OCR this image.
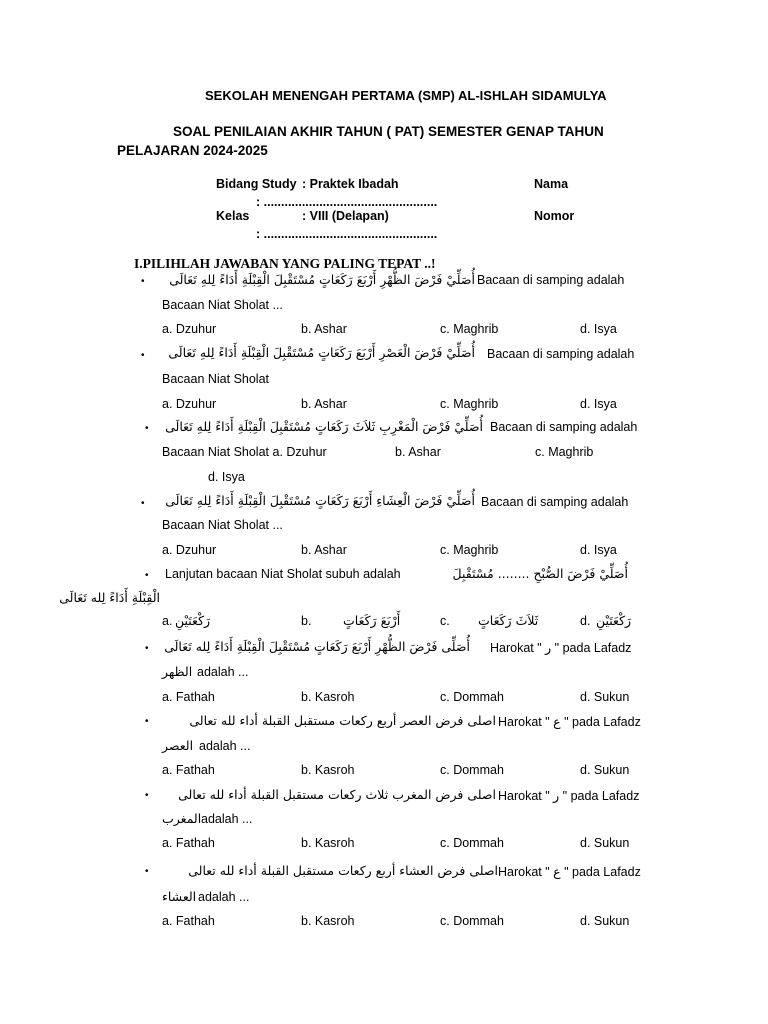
SEKOLAH MENENGAH PERTAMA (SMP) AL-ISHLAH SIDAMULYA
SOAL PENILAIAN AKHIR TAHUN ( PAT) SEMESTER GENAP TAHUN
PELAJARAN 2024-2025
Bidang Study : Praktek Ibadah	Nama
: ..................................................
Kelas	: VIII (Delapan)	Nomor
: ..................................................
I.PILIHLAH JAWABAN YANG PALING TEPAT ..!
• أُصَلِّيْ فَرْضَ الظُّهْرِ أَرْبَعَ رَكَعَاتٍ مُسْتَقْبِلَ الْقِبْلَةِ أَدَاءً لِلهِ تَعَالَى Bacaan di samping adalah
Bacaan Niat Sholat ...
a. Dzuhur	b. Ashar	c. Maghrib	d. Isya
• أُصَلِّيْ فَرْضَ الْعَصْرِ أَرْبَعَ رَكَعَاتٍ مُسْتَقْبِلَ الْقِبْلَةِ أَدَاءً لِلهِ تَعَالَى Bacaan di samping adalah
Bacaan Niat Sholat
a. Dzuhur	b. Ashar	c. Maghrib	d. Isya
• أُصَلِّيْ فَرْضَ الْمَغْرِبِ ثَلاَثَ رَكَعَاتٍ مُسْتَقْبِلَ الْقِبْلَةِ أَدَاءً لِلهِ تَعَالَى Bacaan di samping adalah
Bacaan Niat Sholat a. Dzuhur	b. Ashar	c. Maghrib
d. Isya
• أُصَلِّيْ فَرْضَ الْعِشَاءِ أَرْبَعَ رَكَعَاتٍ مُسْتَقْبِلَ الْقِبْلَةِ أَدَاءً لِلهِ تَعَالَى Bacaan di samping adalah
Bacaan Niat Sholat ...
a. Dzuhur	b. Ashar	c. Maghrib	d. Isya
• Lanjutan bacaan Niat Sholat subuh adalah	أُصَلِّيْ فَرْضَ الصُّبْحِ ........ مُسْتَقْبِلَ
الْقِبْلَةِ أَدَاءً لِله تَعَالَى
a. رَكْعَتَيْنِ	b.	أَرْبَعَ رَكَعَاتٍ	c. ثَلاَثَ رَكَعَاتٍ	d. رَكْعَتَيْنِ
• أُصَلِّى فَرْضَ الظُّهْرِ أَرْبَعَ رَكَعَاتٍ مُسْتَقْبِلَ الْقِبْلَةِ أَدَاءً لِله تَعَالَى Harokat " ر " pada Lafadz
الظهر adalah ...
a. Fathah	b. Kasroh	c. Dommah	d. Sukun
•	اصلى فرض العصر أربع ركعات مستقبل القبلة أداء لله تعالى Harokat " ع " pada Lafadz
العصر adalah ...
a. Fathah	b. Kasroh	c. Dommah	d. Sukun
• اصلى فرض المغرب ثلاث ركعات مستقبل القبلة أداء لله تعالى Harokat " ر " pada Lafadz
المغرب adalah ...
a. Fathah	b. Kasroh	c. Dommah	d. Sukun
•	اصلى فرض العشاء أربع ركعات مستقبل القبلة أداء لله تعالى Harokat " ع " pada Lafadz
العشاء adalah ...
a. Fathah	b. Kasroh	c. Dommah	d. Sukun
